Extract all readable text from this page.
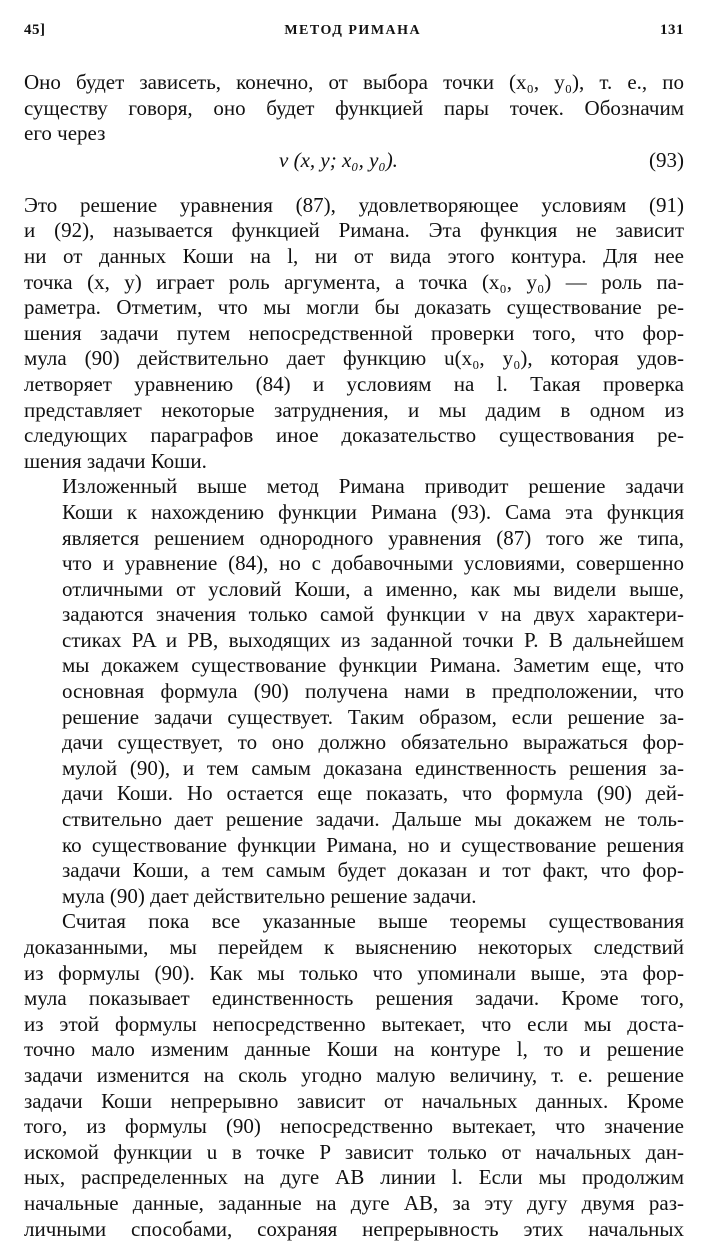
45]	МЕТОД РИМАНА	131

Оно будет зависеть, конечно, от выбора точки (x₀, y₀), т. е., по
существу говоря, оно будет функцией пары точек. Обозначим
его через

v (x, y; x₀, y₀).	(93)

Это решение уравнения (87), удовлетворяющее условиям (91)
и (92), называется функцией Римана. Эта функция не зависит
ни от данных Коши на l, ни от вида этого контура. Для нее
точка (x, y) играет роль аргумента, а точка (x₀, y₀) — роль па-
раметра. Отметим, что мы могли бы доказать существование ре-
шения задачи путем непосредственной проверки того, что фор-
мула (90) действительно дает функцию u(x₀, y₀), которая удов-
летворяет уравнению (84) и условиям на l. Такая проверка
представляет некоторые затруднения, и мы дадим в одном из
следующих параграфов иное доказательство существования ре-
шения задачи Коши.

Изложенный выше метод Римана приводит решение задачи
Коши к нахождению функции Римана (93). Сама эта функция
является решением однородного уравнения (87) того же типа,
что и уравнение (84), но с добавочными условиями, совершенно
отличными от условий Коши, а именно, как мы видели выше,
задаются значения только самой функции v на двух характери-
стиках PA и PB, выходящих из заданной точки P. В дальнейшем
мы докажем существование функции Римана. Заметим еще, что
основная формула (90) получена нами в предположении, что
решение задачи существует. Таким образом, если решение за-
дачи существует, то оно должно обязательно выражаться фор-
мулой (90), и тем самым доказана единственность решения за-
дачи Коши. Но остается еще показать, что формула (90) дей-
ствительно дает решение задачи. Дальше мы докажем не толь-
ко существование функции Римана, но и существование решения
задачи Коши, а тем самым будет доказан и тот факт, что фор-
мула (90) дает действительно решение задачи.

Считая пока все указанные выше теоремы существования
доказанными, мы перейдем к выяснению некоторых следствий
из формулы (90). Как мы только что упоминали выше, эта фор-
мула показывает единственность решения задачи. Кроме того,
из этой формулы непосредственно вытекает, что если мы доста-
точно мало изменим данные Коши на контуре l, то и решение
задачи изменится на сколь угодно малую величину, т. е. решение
задачи Коши непрерывно зависит от начальных данных. Кроме
того, из формулы (90) непосредственно вытекает, что значение
искомой функции u в точке P зависит только от начальных дан-
ных, распределенных на дуге AB линии l. Если мы продолжим
начальные данные, заданные на дуге AB, за эту дугу двумя раз-
личными способами, сохраняя непрерывность этих начальных
